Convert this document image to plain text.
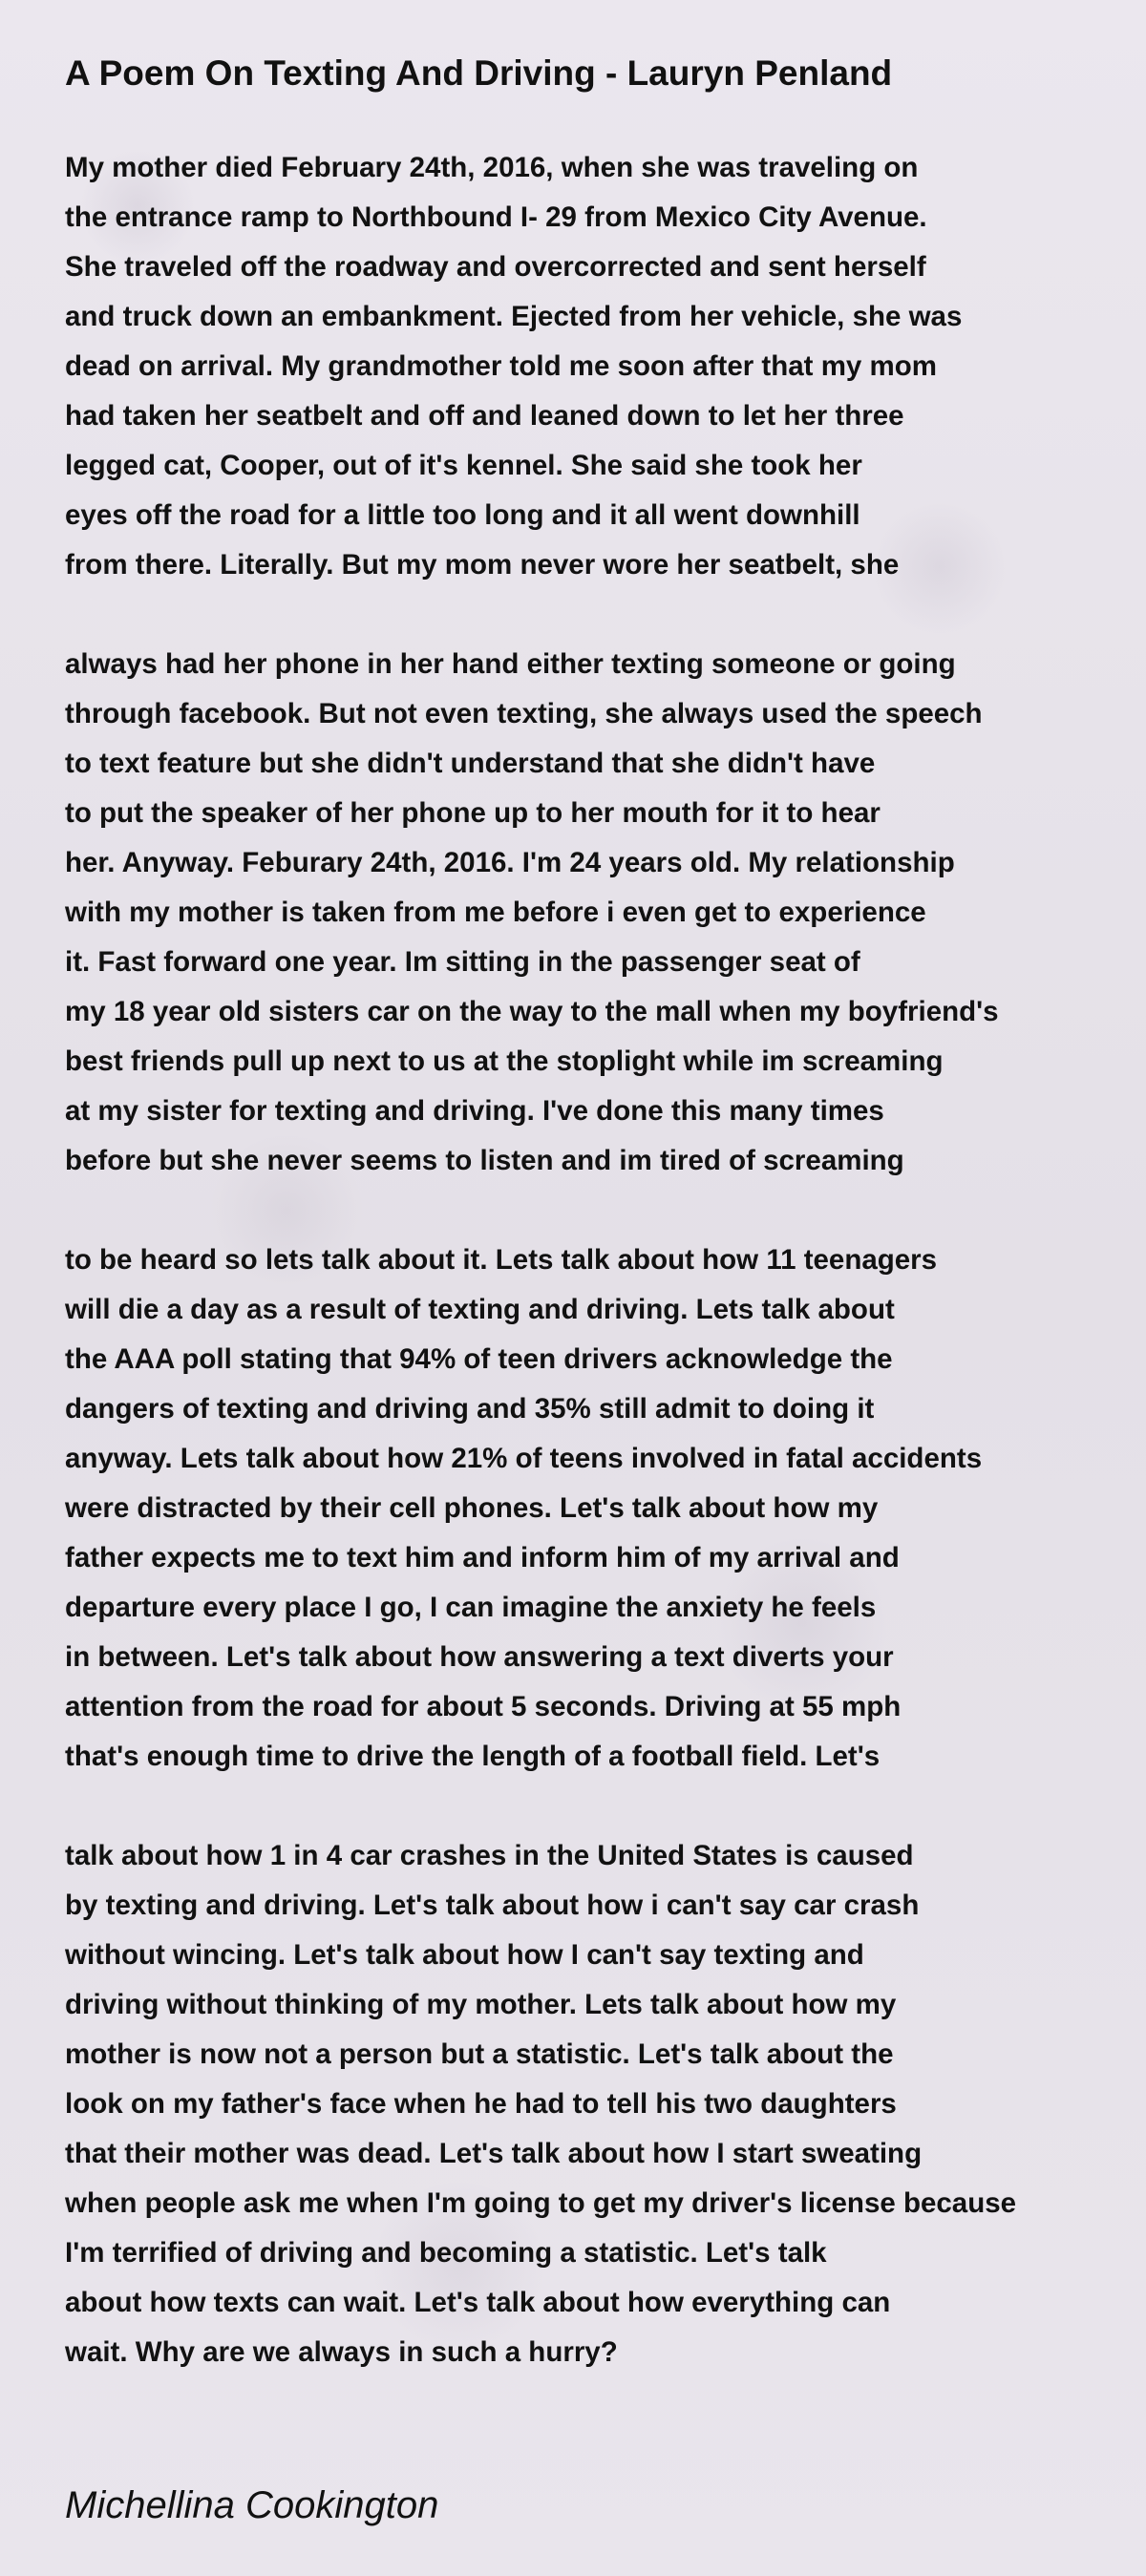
A Poem On Texting And Driving - Lauryn Penland
My mother died February 24th, 2016, when she was traveling on
the entrance ramp to Northbound I- 29 from Mexico City Avenue.
She traveled off the roadway and overcorrected and sent herself
and truck down an embankment. Ejected from her vehicle, she was
dead on arrival. My grandmother told me soon after that my mom
had taken her seatbelt and off and leaned down to let her three
legged cat, Cooper, out of it's kennel. She said she took her
eyes off the road for a little too long and it all went downhill
from there. Literally. But my mom never wore her seatbelt, she
always had her phone in her hand either texting someone or going
through facebook. But not even texting, she always used the speech
to text feature but she didn't understand that she didn't have
to put the speaker of her phone up to her mouth for it to hear
her. Anyway. Feburary 24th, 2016. I'm 24 years old. My relationship
with my mother is taken from me before i even get to experience
it. Fast forward one year. Im sitting in the passenger seat of
my 18 year old sisters car on the way to the mall when my boyfriend's
best friends pull up next to us at the stoplight while im screaming
at my sister for texting and driving. I've done this many times
before but she never seems to listen and im tired of screaming
to be heard so lets talk about it. Lets talk about how 11 teenagers
will die a day as a result of texting and driving. Lets talk about
the AAA poll stating that 94% of teen drivers acknowledge the
dangers of texting and driving and 35% still admit to doing it
anyway. Lets talk about how 21% of teens involved in fatal accidents
were distracted by their cell phones. Let's talk about how my
father expects me to text him and inform him of my arrival and
departure every place I go, I can imagine the anxiety he feels
in between. Let's talk about how answering a text diverts your
attention from the road for about 5 seconds. Driving at 55 mph
that's enough time to drive the length of a football field. Let's
talk about how 1 in 4 car crashes in the United States is caused
by texting and driving. Let's talk about how i can't say car crash
without wincing. Let's talk about how I can't say texting and
driving without thinking of my mother. Lets talk about how my
mother is now not a person but a statistic. Let's talk about the
look on my father's face when he had to tell his two daughters
that their mother was dead. Let's talk about how I start sweating
when people ask me when I'm going to get my driver's license because
I'm terrified of driving and becoming a statistic. Let's talk
about how texts can wait. Let's talk about how everything can
wait. Why are we always in such a hurry?
Michellina Cookington
